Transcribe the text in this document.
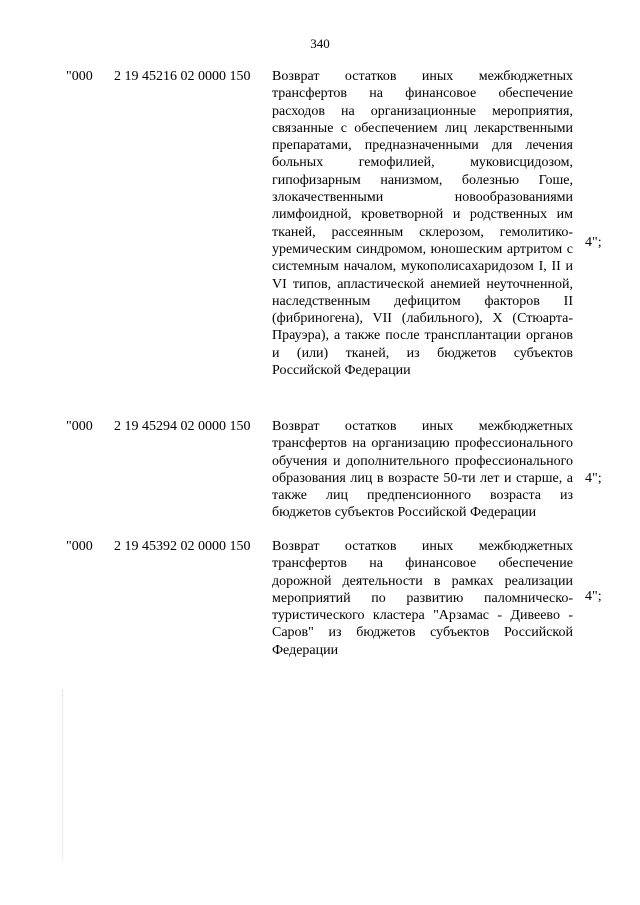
340
"000 2 19 45216 02 0000 150 Возврат остатков иных межбюджетных трансфертов на финансовое обеспечение расходов на организационные мероприятия, связанные с обеспечением лиц лекарственными препаратами, предназначенными для лечения больных гемофилией, муковисцидозом, гипофизарным нанизмом, болезнью Гоше, злокачественными новообразованиями лимфоидной, кроветворной и родственных им тканей, рассеянным склерозом, гемолитико-уремическим синдромом, юношеским артритом с системным началом, мукополисахаридозом I, II и VI типов, апластической анемией неуточненной, наследственным дефицитом факторов II (фибриногена), VII (лабильного), X (Стюарта-Прауэра), а также после трансплантации органов и (или) тканей, из бюджетов субъектов Российской Федерации
4";
"000 2 19 45294 02 0000 150 Возврат остатков иных межбюджетных трансфертов на организацию профессионального обучения и дополнительного профессионального образования лиц в возрасте 50-ти лет и старше, а также лиц предпенсионного возраста из бюджетов субъектов Российской Федерации
4";
"000 2 19 45392 02 0000 150 Возврат остатков иных межбюджетных трансфертов на финансовое обеспечение дорожной деятельности в рамках реализации мероприятий по развитию паломническо-туристического кластера "Арзамас - Дивеево - Саров" из бюджетов субъектов Российской Федерации
4";
